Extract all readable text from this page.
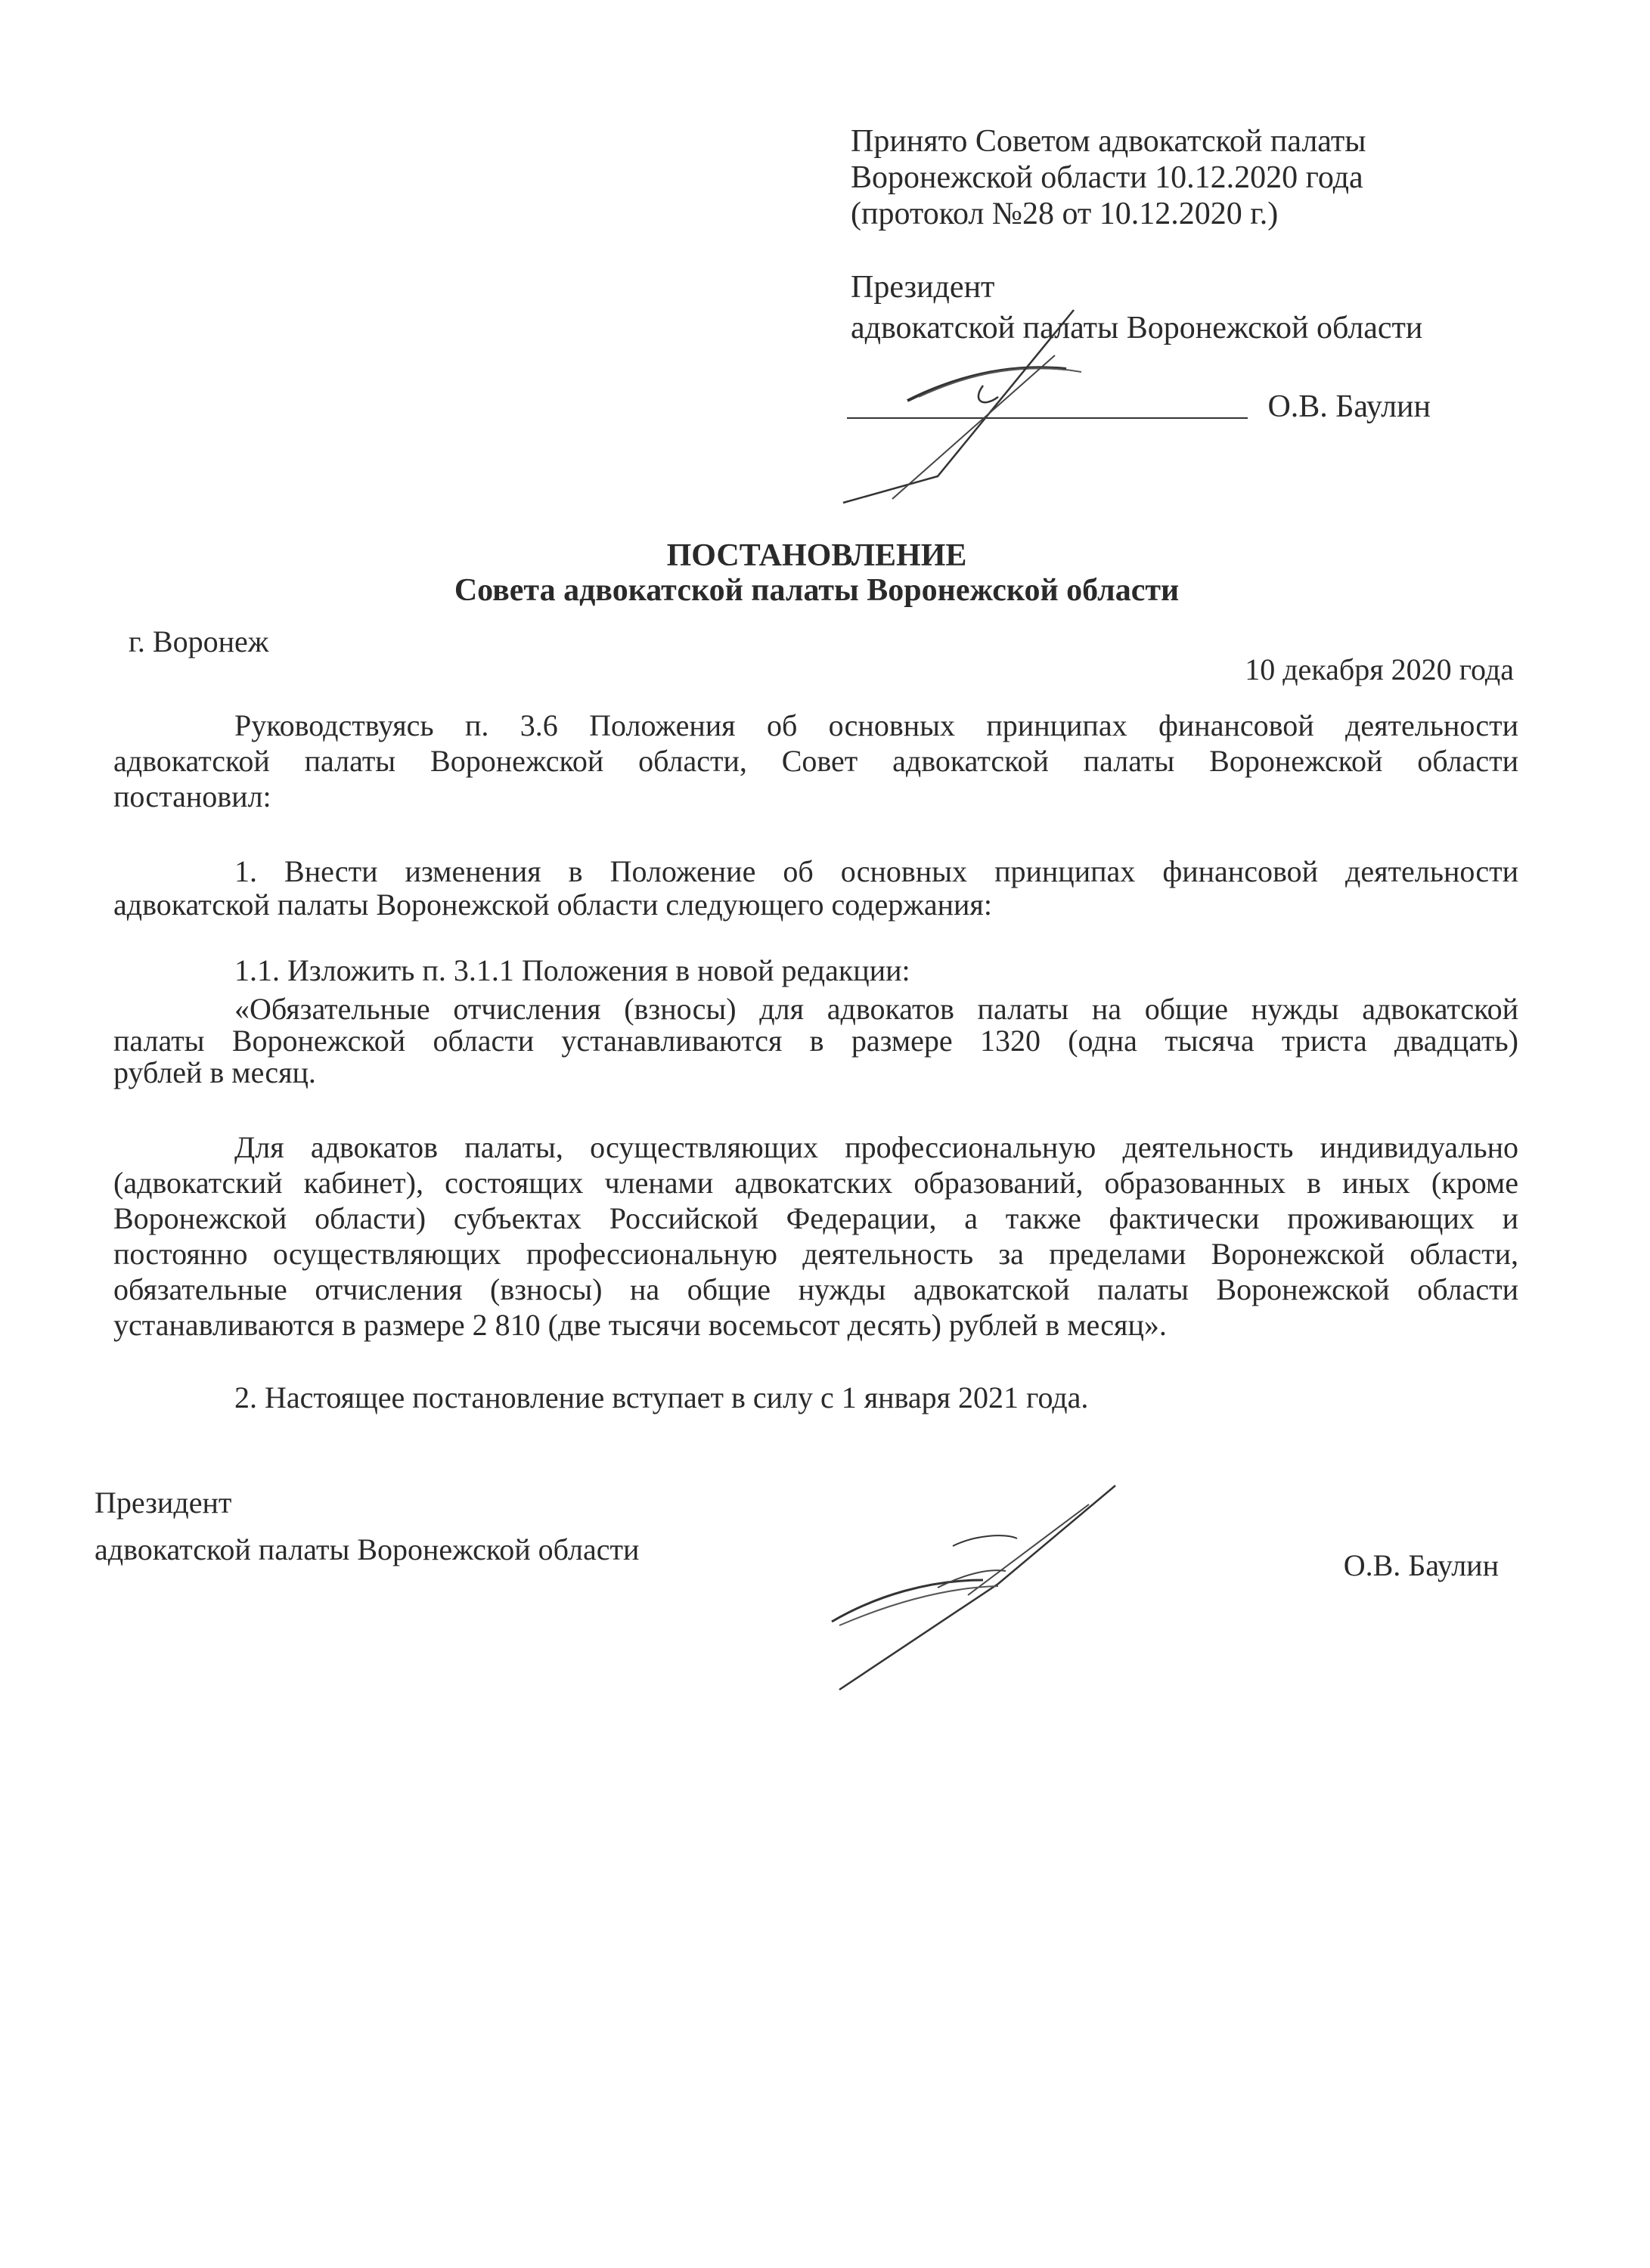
Принято Советом адвокатской палаты
Воронежской области 10.12.2020 года
(протокол №28 от 10.12.2020 г.)
Президент
адвокатской палаты Воронежской области
О.В. Баулин
ПОСТАНОВЛЕНИЕ
Совета адвокатской палаты Воронежской области
г. Воронеж
10 декабря 2020 года
Руководствуясь п. 3.6 Положения об основных принципах финансовой деятельности
адвокатской палаты Воронежской области, Совет адвокатской палаты Воронежской области
постановил:
1. Внести изменения в Положение об основных принципах финансовой деятельности
адвокатской палаты Воронежской области следующего содержания:
1.1. Изложить п. 3.1.1 Положения в новой редакции:
«Обязательные отчисления (взносы) для адвокатов палаты на общие нужды адвокатской
палаты Воронежской области устанавливаются в размере 1320 (одна тысяча триста двадцать)
рублей в месяц.
Для адвокатов палаты, осуществляющих профессиональную деятельность индивидуально
(адвокатский кабинет), состоящих членами адвокатских образований, образованных в иных (кроме
Воронежской области) субъектах Российской Федерации, а также фактически проживающих и
постоянно осуществляющих профессиональную деятельность за пределами Воронежской области,
обязательные отчисления (взносы) на общие нужды адвокатской палаты Воронежской области
устанавливаются в размере 2 810 (две тысячи восемьсот десять) рублей в месяц».
2. Настоящее постановление вступает в силу с 1 января 2021 года.
Президент
адвокатской палаты Воронежской области	О.В. Баулин
